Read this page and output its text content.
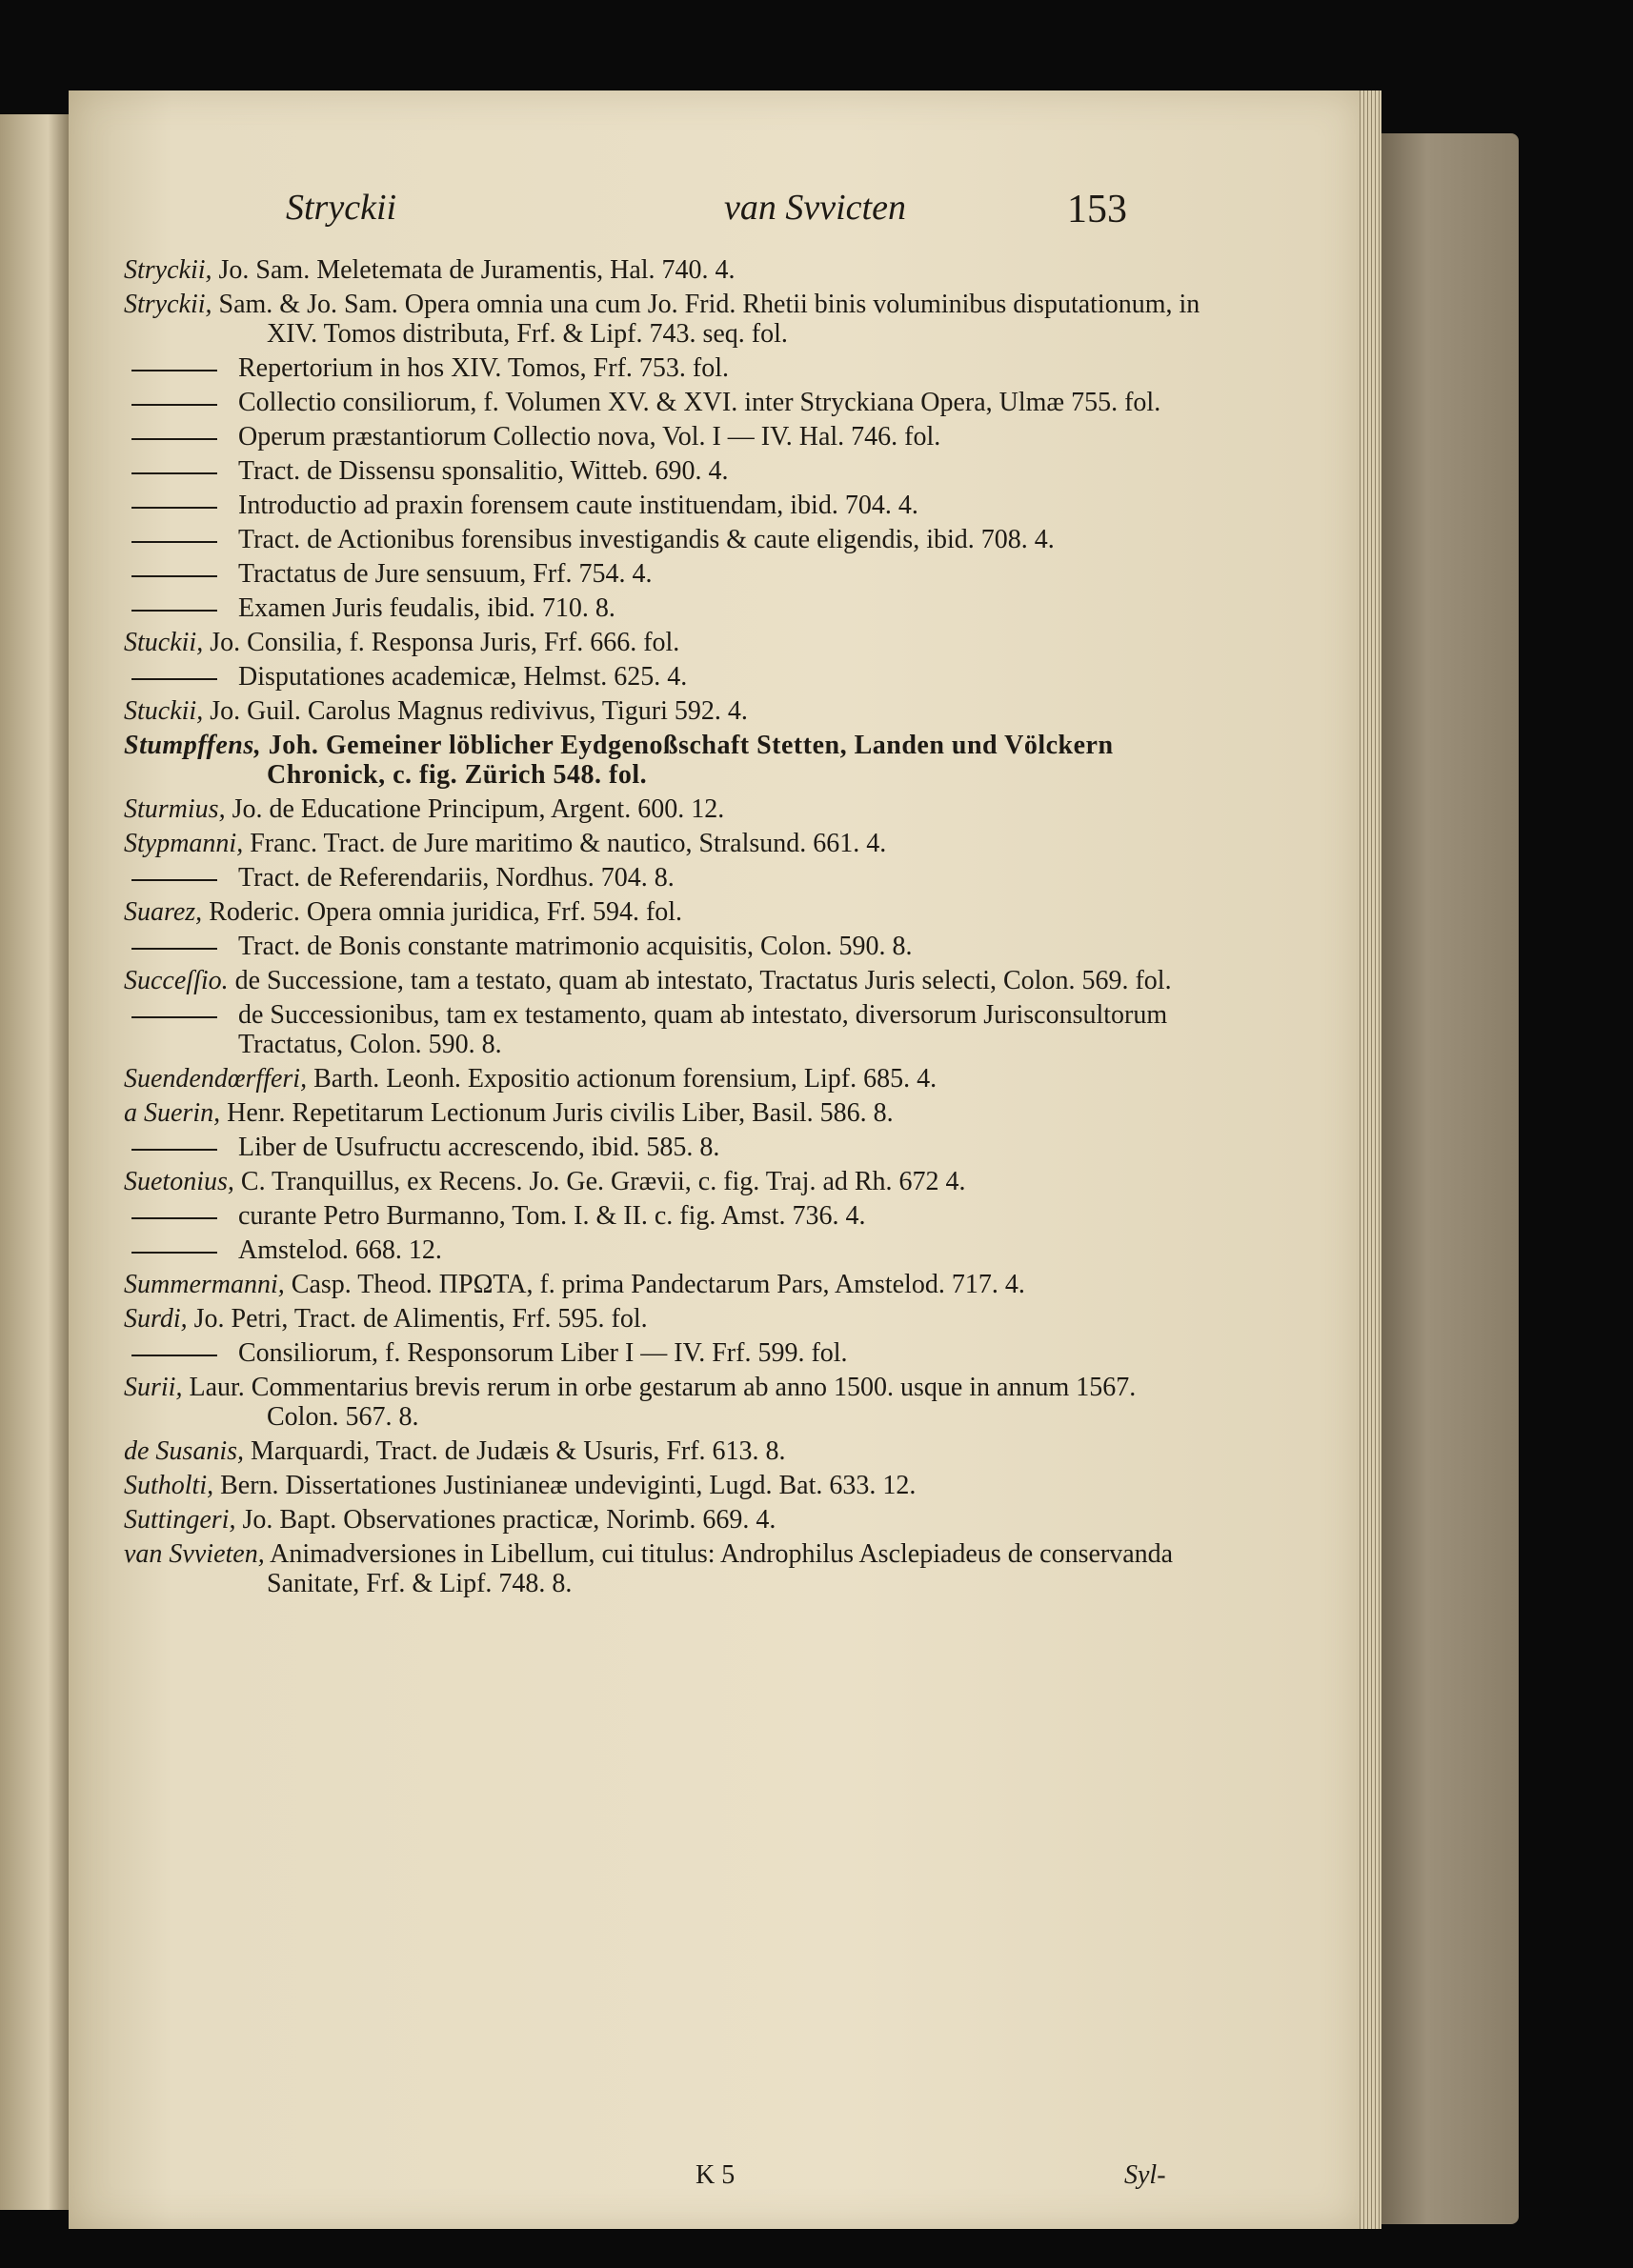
Stryckii	van Svvicten	153
Stryckii, Jo. Sam. Meletemata de Juramentis, Hal. 740. 4.
Stryckii, Sam. & Jo. Sam. Opera omnia una cum Jo. Frid. Rhetii binis voluminibus disputationum, in XIV. Tomos distributa, Frf. & Lipf. 743. seq. fol.
Repertorium in hos XIV. Tomos, Frf. 753. fol.
Collectio consiliorum, f. Volumen XV. & XVI. inter Stryckiana Opera, Ulmæ 755. fol.
Operum præstantiorum Collectio nova, Vol. I — IV. Hal. 746. fol.
Tract. de Dissensu sponsalitio, Witteb. 690. 4.
Introductio ad praxin forensem caute instituendam, ibid. 704. 4.
Tract. de Actionibus forensibus investigandis & caute eligendis, ibid. 708. 4.
Tractatus de Jure sensuum, Frf. 754. 4.
Examen Juris feudalis, ibid. 710. 8.
Stuckii, Jo. Consilia, f. Responsa Juris, Frf. 666. fol.
Disputationes academicæ, Helmst. 625. 4.
Stuckii, Jo. Guil. Carolus Magnus redivivus, Tiguri 592. 4.
Stumpffens, Joh. Gemeiner löblicher Eydgenoßschaft Stetten, Landen und Völckern Chronick, c. fig. Zürich 548. fol.
Sturmius, Jo. de Educatione Principum, Argent. 600. 12.
Stypmanni, Franc. Tract. de Jure maritimo & nautico, Stralsund. 661. 4.
Tract. de Referendariis, Nordhus. 704. 8.
Suarez, Roderic. Opera omnia juridica, Frf. 594. fol.
Tract. de Bonis constante matrimonio acquisitis, Colon. 590. 8.
Succeſſio. de Successione, tam a testato, quam ab intestato, Tractatus Juris selecti, Colon. 569. fol.
de Successionibus, tam ex testamento, quam ab intestato, diversorum Jurisconsultorum Tractatus, Colon. 590. 8.
Suendendœrfferi, Barth. Leonh. Expositio actionum forensium, Lipf. 685. 4.
a Suerin, Henr. Repetitarum Lectionum Juris civilis Liber, Basil. 586. 8.
Liber de Usufructu accrescendo, ibid. 585. 8.
Suetonius, C. Tranquillus, ex Recens. Jo. Ge. Grævii, c. fig. Traj. ad Rh. 672 4.
curante Petro Burmanno, Tom. I. & II. c. fig. Amst. 736. 4.
Amstelod. 668. 12.
Summermanni, Casp. Theod. ΠΡΩΤΑ, f. prima Pandectarum Pars, Amstelod. 717. 4.
Surdi, Jo. Petri, Tract. de Alimentis, Frf. 595. fol.
Consiliorum, f. Responsorum Liber I — IV. Frf. 599. fol.
Surii, Laur. Commentarius brevis rerum in orbe gestarum ab anno 1500. usque in annum 1567. Colon. 567. 8.
de Susanis, Marquardi, Tract. de Judæis & Usuris, Frf. 613. 8.
Sutholti, Bern. Dissertationes Justinianeæ undeviginti, Lugd. Bat. 633. 12.
Suttingeri, Jo. Bapt. Observationes practicæ, Norimb. 669. 4.
van Svvieten, Animadversiones in Libellum, cui titulus: Androphilus Asclepiadeus de conservanda Sanitate, Frf. & Lipf. 748. 8.
K 5	Syl-
